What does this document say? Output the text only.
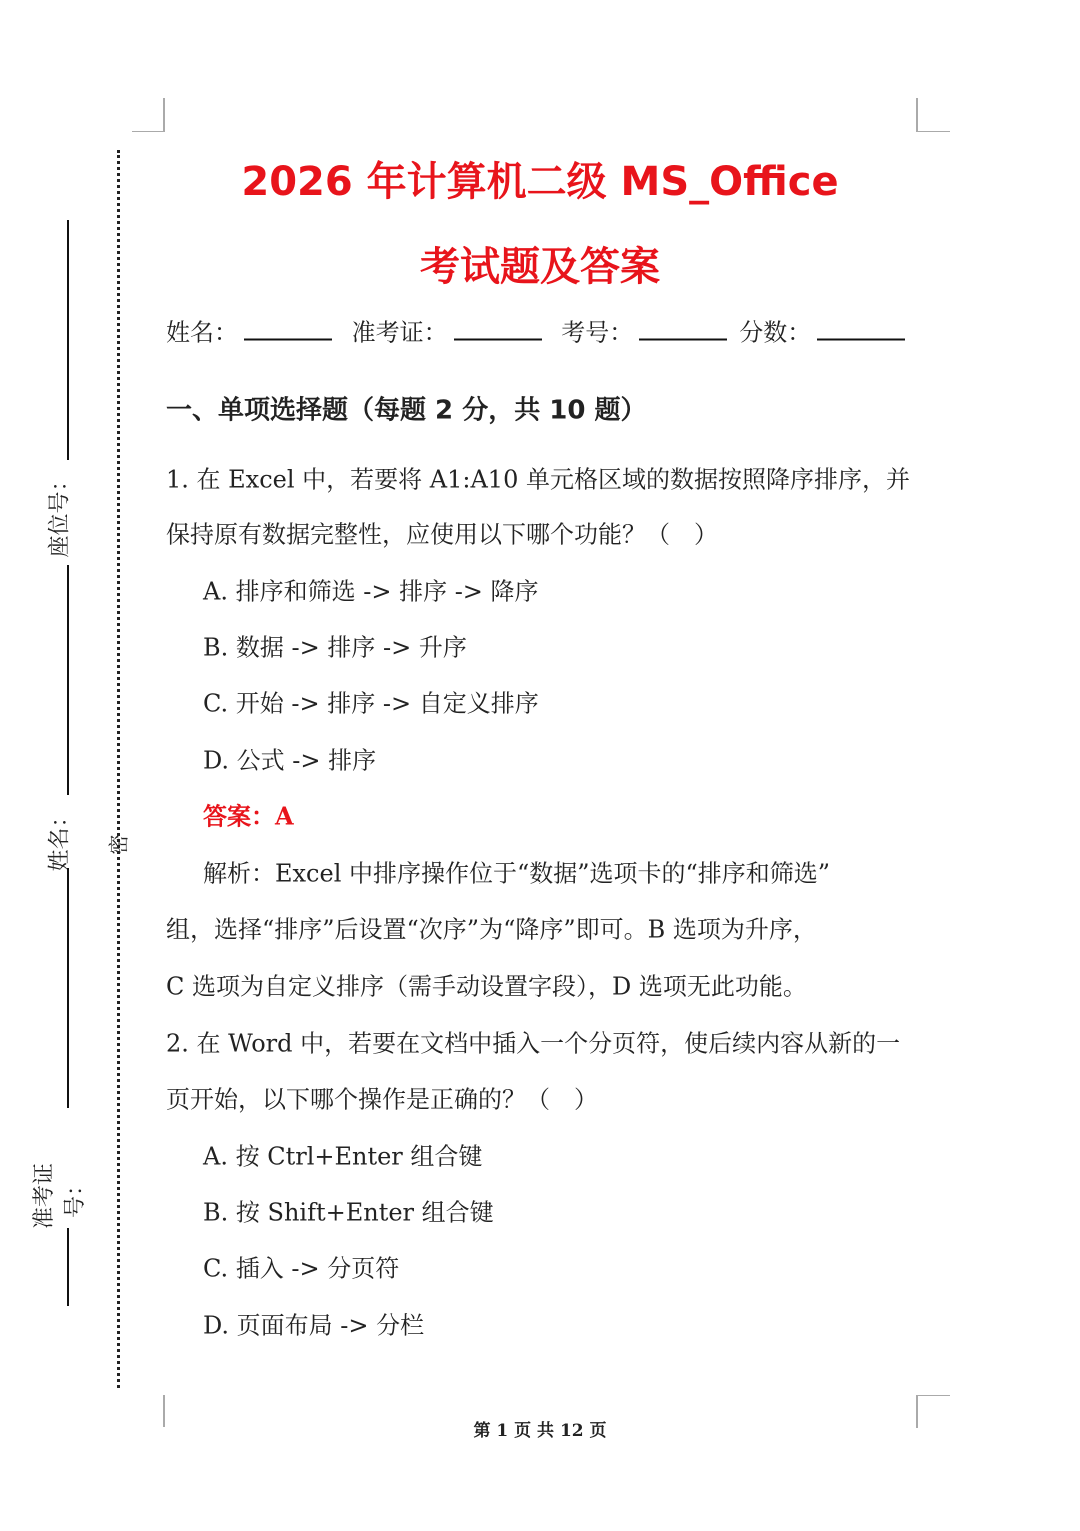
座位号：
姓名：
准考证号：
密
2026 年计算机二级 MS_Office
考试题及答案
姓名：	准考证：	考号：	分数：
一、单项选择题（每题 2 分，共 10 题）
1. 在 Excel 中，若要将 A1:A10 单元格区域的数据按照降序排序，并
保持原有数据完整性，应使用以下哪个功能？（　）
A. 排序和筛选 -> 排序 -> 降序
B. 数据 -> 排序 -> 升序
C. 开始 -> 排序 -> 自定义排序
D. 公式 -> 排序
答案：A
解析：Excel 中排序操作位于“数据”选项卡的“排序和筛选”
组，选择“排序”后设置“次序”为“降序”即可。B 选项为升序，
C 选项为自定义排序（需手动设置字段），D 选项无此功能。
2. 在 Word 中，若要在文档中插入一个分页符，使后续内容从新的一
页开始，以下哪个操作是正确的？（　）
A. 按 Ctrl+Enter 组合键
B. 按 Shift+Enter 组合键
C. 插入 -> 分页符
D. 页面布局 -> 分栏
第 1 页 共 12 页
